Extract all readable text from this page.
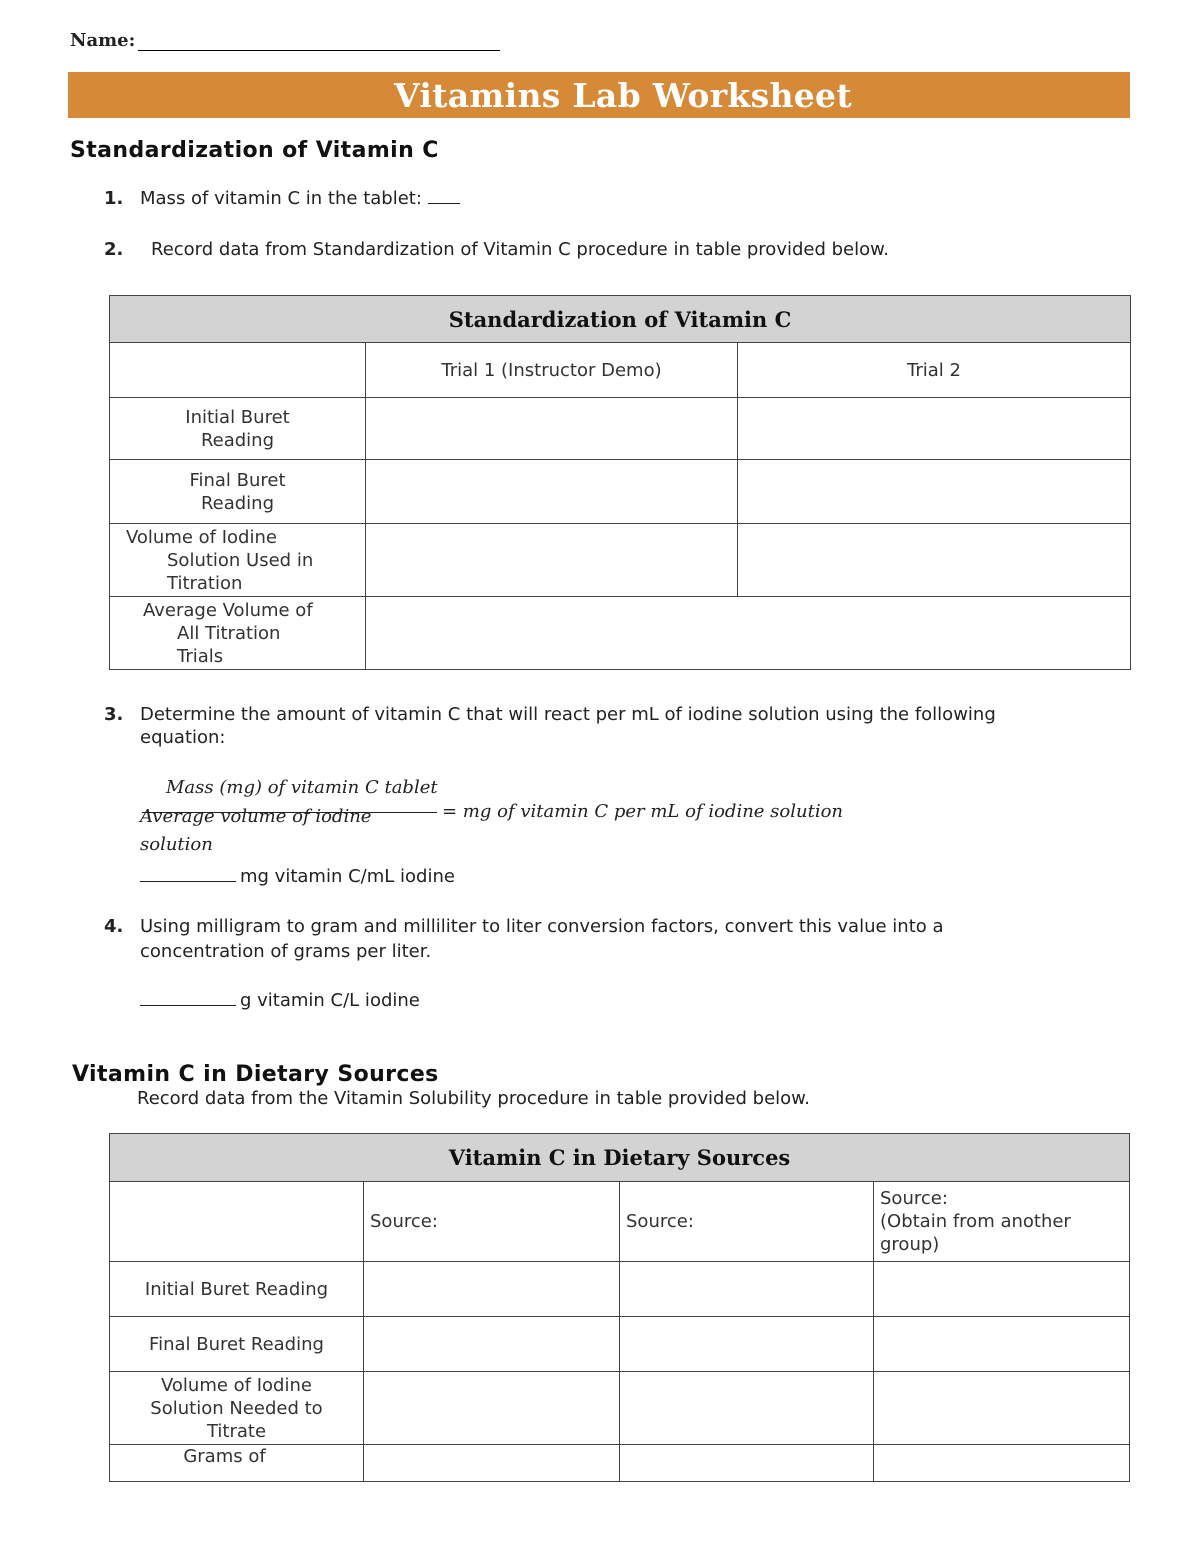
Name:
Vitamins Lab Worksheet
Standardization of Vitamin C
1. Mass of vitamin C in the tablet:
2. Record data from Standardization of Vitamin C procedure in table provided below.
Standardization of Vitamin C		
	Trial 1 (Instructor Demo)	Trial 2

Initial Buret
Reading		

Final Buret
Reading		

Volume of Iodine
Solution Used in
Titration		

Average Volume of
All Titration
Trials		

3. Determine the amount of vitamin C that will react per mL of iodine solution using the following
equation:
Mass (mg) of vitamin C tablet
Average volume of iodine
solution
= mg of vitamin C per mL of iodine solution
mg vitamin C/mL iodine
4. Using milligram to gram and milliliter to liter conversion factors, convert this value into a
concentration of grams per liter.
g vitamin C/L iodine
Vitamin C in Dietary Sources
Record data from the Vitamin Solubility procedure in table provided below.
Vitamin C in Dietary Sources			
	Source:	Source:	Source:
(Obtain from another
group)

Initial Buret Reading			
Final Buret Reading			

Volume of Iodine
Solution Needed to
Titrate			

Grams of			
